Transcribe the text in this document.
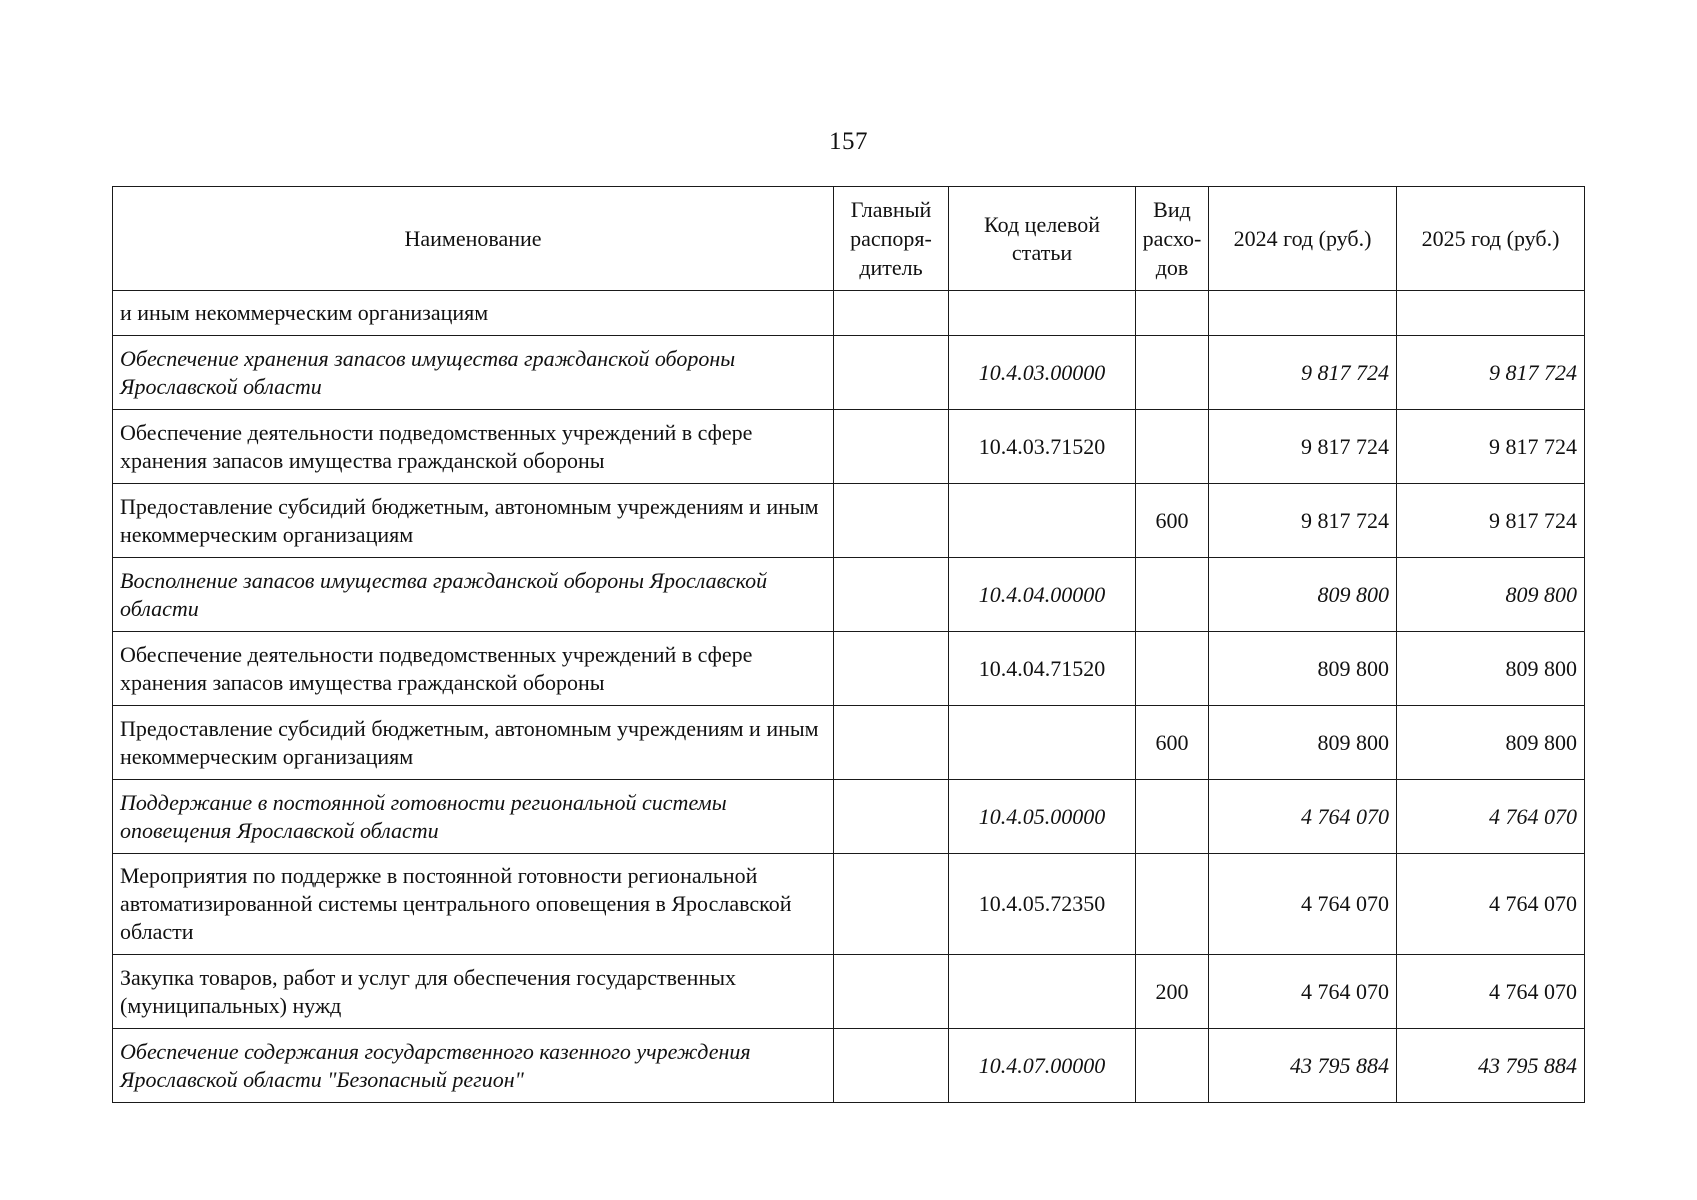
157
Наименование	Главный распоря-дитель	Код целевой статьи	Вид расхо-дов	2024 год (руб.)	2025 год (руб.)
и иным некоммерческим организациям					
Обеспечение хранения запасов имущества гражданской обороны Ярославской области		10.4.03.00000		9 817 724	9 817 724
Обеспечение деятельности подведомственных учреждений в сфере хранения запасов имущества гражданской обороны		10.4.03.71520		9 817 724	9 817 724
Предоставление субсидий бюджетным, автономным учреждениям и иным некоммерческим организациям			600	9 817 724	9 817 724
Восполнение запасов имущества гражданской обороны Ярославской области		10.4.04.00000		809 800	809 800
Обеспечение деятельности подведомственных учреждений в сфере хранения запасов имущества гражданской обороны		10.4.04.71520		809 800	809 800
Предоставление субсидий бюджетным, автономным учреждениям и иным некоммерческим организациям			600	809 800	809 800
Поддержание в постоянной готовности региональной системы оповещения Ярославской области		10.4.05.00000		4 764 070	4 764 070
Мероприятия по поддержке в постоянной готовности региональной автоматизированной системы центрального оповещения в Ярославской области		10.4.05.72350		4 764 070	4 764 070
Закупка товаров, работ и услуг для обеспечения государственных (муниципальных) нужд			200	4 764 070	4 764 070
Обеспечение содержания государственного казенного учреждения Ярославской области "Безопасный регион"		10.4.07.00000		43 795 884	43 795 884
